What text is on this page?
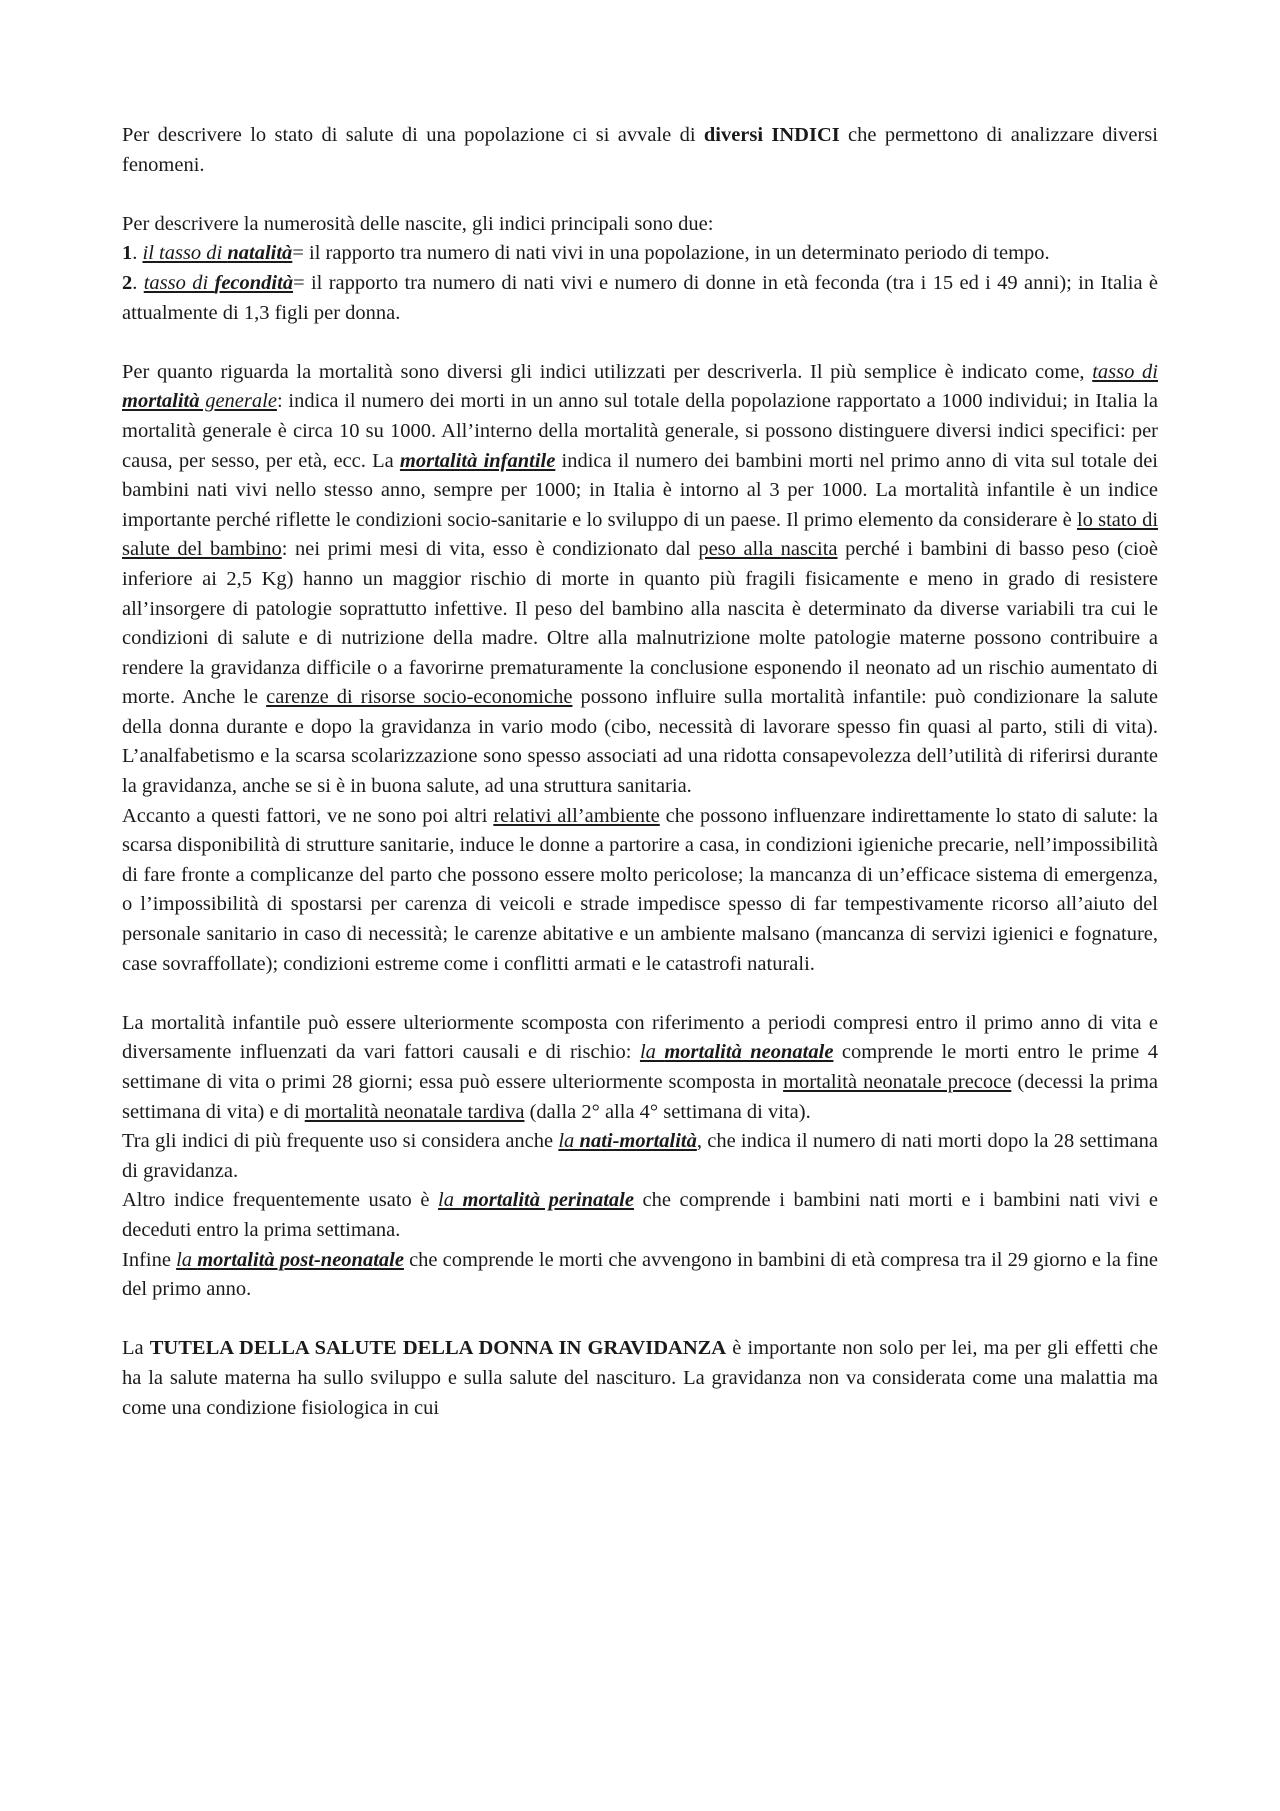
Per descrivere lo stato di salute di una popolazione ci si avvale di diversi INDICI che permettono di analizzare diversi fenomeni.

Per descrivere la numerosità delle nascite, gli indici principali sono due:

1. il tasso di natalità= il rapporto tra numero di nati vivi in una popolazione, in un determinato periodo di tempo.

2. tasso di fecondità= il rapporto tra numero di nati vivi e numero di donne in età feconda (tra i 15 ed i 49 anni); in Italia è attualmente di 1,3 figli per donna.

Per quanto riguarda la mortalità sono diversi gli indici utilizzati per descriverla. Il più semplice è indicato come, tasso di mortalità generale: indica il numero dei morti in un anno sul totale della popolazione rapportato a 1000 individui; in Italia la mortalità generale è circa 10 su 1000. All’interno della mortalità generale, si possono distinguere diversi indici specifici: per causa, per sesso, per età, ecc. La mortalità infantile indica il numero dei bambini morti nel primo anno di vita sul totale dei bambini nati vivi nello stesso anno, sempre per 1000; in Italia è intorno al 3 per 1000. La mortalità infantile è un indice importante perché riflette le condizioni socio-sanitarie e lo sviluppo di un paese. Il primo elemento da considerare è lo stato di salute del bambino: nei primi mesi di vita, esso è condizionato dal peso alla nascita perché i bambini di basso peso (cioè inferiore ai 2,5 Kg) hanno un maggior rischio di morte in quanto più fragili fisicamente e meno in grado di resistere all’insorgere di patologie soprattutto infettive. Il peso del bambino alla nascita è determinato da diverse variabili tra cui le condizioni di salute e di nutrizione della madre. Oltre alla malnutrizione molte patologie materne possono contribuire a rendere la gravidanza difficile o a favorirne prematuramente la conclusione esponendo il neonato ad un rischio aumentato di morte. Anche le carenze di risorse socio-economiche possono influire sulla mortalità infantile: può condizionare la salute della donna durante e dopo la gravidanza in vario modo (cibo, necessità di lavorare spesso fin quasi al parto, stili di vita). L’analfabetismo e la scarsa scolarizzazione sono spesso associati ad una ridotta consapevolezza dell’utilità di riferirsi durante la gravidanza, anche se si è in buona salute, ad una struttura sanitaria.

Accanto a questi fattori, ve ne sono poi altri relativi all’ambiente che possono influenzare indirettamente lo stato di salute: la scarsa disponibilità di strutture sanitarie, induce le donne a partorire a casa, in condizioni igieniche precarie, nell’impossibilità di fare fronte a complicanze del parto che possono essere molto pericolose; la mancanza di un’efficace sistema di emergenza, o l’impossibilità di spostarsi per carenza di veicoli e strade impedisce spesso di far tempestivamente ricorso all’aiuto del personale sanitario in caso di necessità; le carenze abitative e un ambiente malsano (mancanza di servizi igienici e fognature, case sovraffollate); condizioni estreme come i conflitti armati e le catastrofi naturali.

La mortalità infantile può essere ulteriormente scomposta con riferimento a periodi compresi entro il primo anno di vita e diversamente influenzati da vari fattori causali e di rischio: la mortalità neonatale comprende le morti entro le prime 4 settimane di vita o primi 28 giorni; essa può essere ulteriormente scomposta in mortalità neonatale precoce (decessi la prima settimana di vita) e di mortalità neonatale tardiva (dalla 2° alla 4° settimana di vita).

Tra gli indici di più frequente uso si considera anche la nati-mortalità, che indica il numero di nati morti dopo la 28 settimana di gravidanza.

Altro indice frequentemente usato è la mortalità perinatale che comprende i bambini nati morti e i bambini nati vivi e deceduti entro la prima settimana.

Infine la mortalità post-neonatale che comprende le morti che avvengono in bambini di età compresa tra il 29 giorno e la fine del primo anno.

La TUTELA DELLA SALUTE DELLA DONNA IN GRAVIDANZA è importante non solo per lei, ma per gli effetti che ha la salute materna ha sullo sviluppo e sulla salute del nascituro. La gravidanza non va considerata come una malattia ma come una condizione fisiologica in cui
